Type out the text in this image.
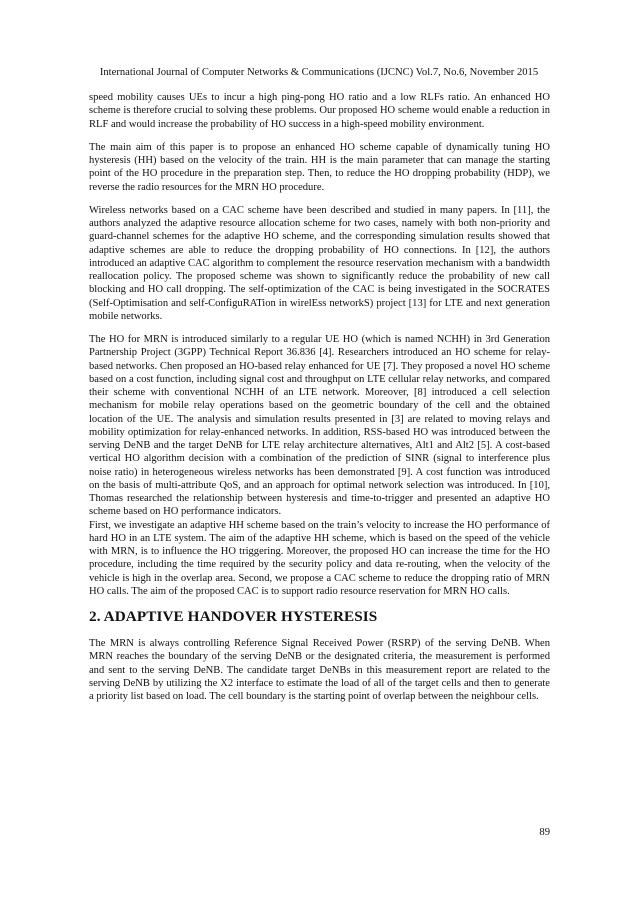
International Journal of Computer Networks & Communications (IJCNC) Vol.7, No.6, November 2015

speed mobility causes UEs to incur a high ping-pong HO ratio and a low RLFs ratio. An enhanced HO scheme is therefore crucial to solving these problems. Our proposed HO scheme would enable a reduction in RLF and would increase the probability of HO success in a high-speed mobility environment.

The main aim of this paper is to propose an enhanced HO scheme capable of dynamically tuning HO hysteresis (HH) based on the velocity of the train. HH is the main parameter that can manage the starting point of the HO procedure in the preparation step. Then, to reduce the HO dropping probability (HDP), we reverse the radio resources for the MRN HO procedure.

Wireless networks based on a CAC scheme have been described and studied in many papers. In [11], the authors analyzed the adaptive resource allocation scheme for two cases, namely with both non-priority and guard-channel schemes for the adaptive HO scheme, and the corresponding simulation results showed that adaptive schemes are able to reduce the dropping probability of HO connections. In [12], the authors introduced an adaptive CAC algorithm to complement the resource reservation mechanism with a bandwidth reallocation policy. The proposed scheme was shown to significantly reduce the probability of new call blocking and HO call dropping. The self-optimization of the CAC is being investigated in the SOCRATES (Self-Optimisation and self-ConfiguRATion in wirelEss networkS) project [13] for LTE and next generation mobile networks.

The HO for MRN is introduced similarly to a regular UE HO (which is named NCHH) in 3rd Generation Partnership Project (3GPP) Technical Report 36.836 [4]. Researchers introduced an HO scheme for relay-based networks. Chen proposed an HO-based relay enhanced for UE [7]. They proposed a novel HO scheme based on a cost function, including signal cost and throughput on LTE cellular relay networks, and compared their scheme with conventional NCHH of an LTE network. Moreover, [8] introduced a cell selection mechanism for mobile relay operations based on the geometric boundary of the cell and the obtained location of the UE. The analysis and simulation results presented in [3] are related to moving relays and mobility optimization for relay-enhanced networks. In addition, RSS-based HO was introduced between the serving DeNB and the target DeNB for LTE relay architecture alternatives, Alt1 and Alt2 [5]. A cost-based vertical HO algorithm decision with a combination of the prediction of SINR (signal to interference plus noise ratio) in heterogeneous wireless networks has been demonstrated [9]. A cost function was introduced on the basis of multi-attribute QoS, and an approach for optimal network selection was introduced. In [10], Thomas researched the relationship between hysteresis and time-to-trigger and presented an adaptive HO scheme based on HO performance indicators.

First, we investigate an adaptive HH scheme based on the train’s velocity to increase the HO performance of hard HO in an LTE system. The aim of the adaptive HH scheme, which is based on the speed of the vehicle with MRN, is to influence the HO triggering. Moreover, the proposed HO can increase the time for the HO procedure, including the time required by the security policy and data re-routing, when the velocity of the vehicle is high in the overlap area. Second, we propose a CAC scheme to reduce the dropping ratio of MRN HO calls. The aim of the proposed CAC is to support radio resource reservation for MRN HO calls.

2. ADAPTIVE HANDOVER HYSTERESIS

The MRN is always controlling Reference Signal Received Power (RSRP) of the serving DeNB. When MRN reaches the boundary of the serving DeNB or the designated criteria, the measurement is performed and sent to the serving DeNB. The candidate target DeNBs in this measurement report are related to the serving DeNB by utilizing the X2 interface to estimate the load of all of the target cells and then to generate a priority list based on load. The cell boundary is the starting point of overlap between the neighbour cells.

89
